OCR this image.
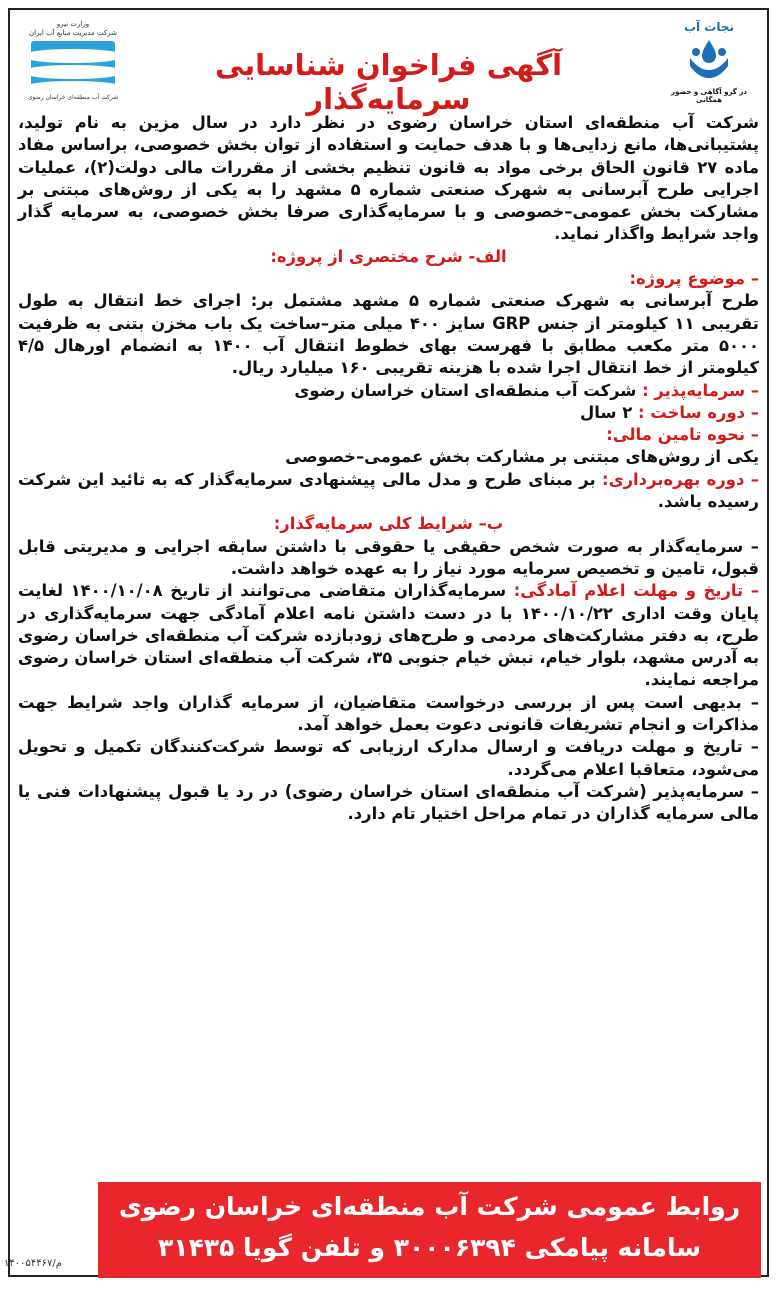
وزارت نیرو
شرکت مدیریت منابع آب ایران
شرکت آب منطقه‌ای خراسان رضوی
آگهی فراخوان شناسایی سرمایه‌گذار
نجات آب
در گرو آگاهی و حضور همگانی

شرکت آب منطقه‌ای استان خراسان رضوی در نظر دارد در سال مزین به نام تولید، پشتیبانی‌ها، مانع زدایی‌ها و با هدف حمایت و استفاده از توان بخش خصوصی، براساس مفاد ماده ۲۷ قانون الحاق برخی مواد به قانون تنظیم بخشی از مقررات مالی دولت(۲)، عملیات اجرایی طرح آبرسانی به شهرک صنعتی شماره ۵ مشهد را به یکی از روش‌های مبتنی بر مشارکت بخش عمومی–خصوصی و با سرمایه‌گذاری صرفا بخش خصوصی، به سرمایه گذار واجد شرایط واگذار نماید.

الف- شرح مختصری از پروژه:

– موضوع پروژه:

طرح آبرسانی به شهرک صنعتی شماره ۵ مشهد مشتمل بر: اجرای خط انتقال به طول تقریبی ۱۱ کیلومتر از جنس GRP سایز ۴۰۰ میلی متر–ساخت یک باب مخزن بتنی به ظرفیت ۵۰۰۰ متر مکعب مطابق با فهرست بهای خطوط انتقال آب ۱۴۰۰ به انضمام اورهال ۴/۵ کیلومتر از خط انتقال اجرا شده با هزینه تقریبی ۱۶۰ میلیارد ریال.

– سرمایه‌پذیر : شرکت آب منطقه‌ای استان خراسان رضوی

– دوره ساخت : ۲ سال

– نحوه تامین مالی:

یکی از روش‌های مبتنی بر مشارکت بخش عمومی–خصوصی

– دوره بهره‌برداری: بر مبنای طرح و مدل مالی پیشنهادی سرمایه‌گذار که به تائید این شرکت رسیده باشد.

ب– شرایط کلی سرمایه‌گذار:

– سرمایه‌گذار به صورت شخص حقیقی یا حقوقی با داشتن سابقه اجرایی و مدیریتی قابل قبول، تامین و تخصیص سرمایه مورد نیاز را به عهده خواهد داشت.

– تاریخ و مهلت اعلام آمادگی: سرمایه‌گذاران متقاضی می‌توانند از تاریخ ۱۴۰۰/۱۰/۰۸ لغایت پایان وقت اداری ۱۴۰۰/۱۰/۲۲ با در دست داشتن نامه اعلام آمادگی جهت سرمایه‌گذاری در طرح، به دفتر مشارکت‌های مردمی و طرح‌های زودبازده شرکت آب منطقه‌ای خراسان رضوی به آدرس مشهد، بلوار خیام، نبش خیام جنوبی ۳۵، شرکت آب منطقه‌ای استان خراسان رضوی مراجعه نمایند.

– بدیهی است پس از بررسی درخواست متقاضیان، از سرمایه گذاران واجد شرایط جهت مذاکرات و انجام تشریفات قانونی دعوت بعمل خواهد آمد.

– تاریخ و مهلت دریافت و ارسال مدارک ارزیابی که توسط شرکت‌کنندگان تکمیل و تحویل می‌شود، متعاقبا اعلام می‌گردد.

– سرمایه‌پذیر (شرکت آب منطقه‌ای استان خراسان رضوی) در رد یا قبول پیشنهادات فنی یا مالی سرمایه گذاران در تمام مراحل اختیار تام دارد.

روابط عمومی شرکت آب منطقه‌ای خراسان رضوی
سامانه پیامکی ۳۰۰۰۶۳۹۴ و تلفن گویا ۳۱۴۳۵
۱۴۰۰۵۴۴۶۷/م
